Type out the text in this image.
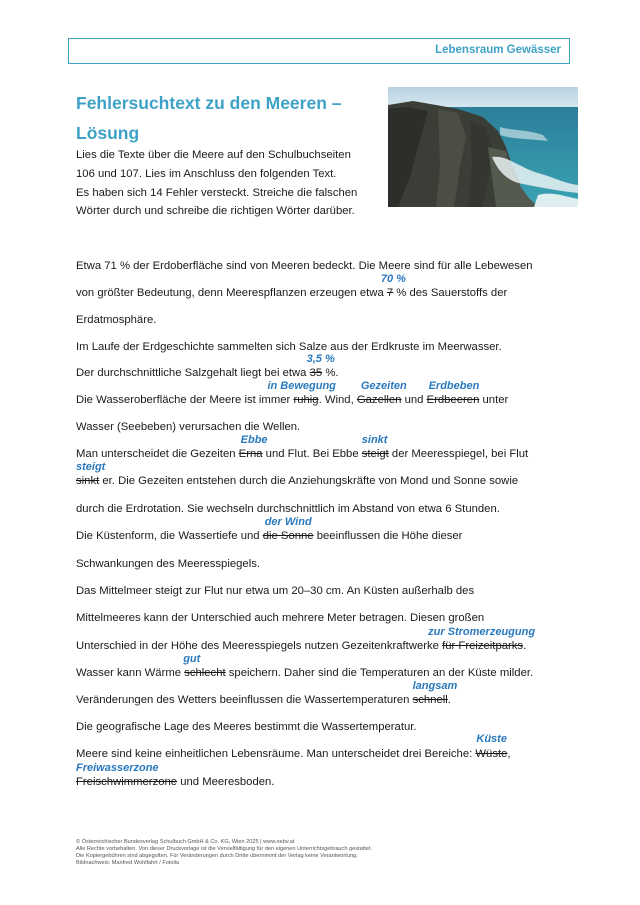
Lebensraum Gewässer
Fehlersuchtext zu den Meeren –
Lösung
Lies die Texte über die Meere auf den Schulbuchseiten
106 und 107. Lies im Anschluss den folgenden Text.
Es haben sich 14 Fehler versteckt. Streiche die falschen
Wörter durch und schreibe die richtigen Wörter darüber.
Etwa 71 % der Erdoberfläche sind von Meeren bedeckt. Die Meere sind für alle Lebewesen
von größter Bedeutung, denn Meerespflanzen erzeugen etwa
70 %
7 % des Sauerstoffs der
Erdatmosphäre.
Im Laufe der Erdgeschichte sammelten sich Salze aus der Erdkruste im Meerwasser.
Der durchschnittliche Salzgehalt liegt bei etwa
3,5 %
35 %.
Die Wasseroberfläche der Meere ist immer
in Bewegung
ruhig. Wind,
Gezeiten
Gazellen und
Erdbeben
Erdbeeren unter
Wasser (Seebeben) verursachen die Wellen.
Man unterscheidet die Gezeiten
Ebbe
Erna und Flut. Bei Ebbe
sinkt
steigt der Meeresspiegel, bei Flut
steigt
sinkt er. Die Gezeiten entstehen durch die Anziehungskräfte von Mond und Sonne sowie
durch die Erdrotation. Sie wechseln durchschnittlich im Abstand von etwa 6 Stunden.
Die Küstenform, die Wassertiefe und
der Wind
die Sonne beeinflussen die Höhe dieser
Schwankungen des Meeresspiegels.
Das Mittelmeer steigt zur Flut nur etwa um 20–30 cm. An Küsten außerhalb des
Mittelmeeres kann der Unterschied auch mehrere Meter betragen. Diesen großen
Unterschied in der Höhe des Meeresspiegels nutzen Gezeitenkraftwerke
zur Stromerzeugung
für Freizeitparks.
Wasser kann Wärme
gut
schlecht speichern. Daher sind die Temperaturen an der Küste milder.
Veränderungen des Wetters beeinflussen die Wassertemperaturen
langsam
schnell.
Die geografische Lage des Meeres bestimmt die Wassertemperatur.
Meere sind keine einheitlichen Lebensräume. Man unterscheidet drei Bereiche:
Küste
Wüste,
Freiwasserzone
Freischwimmerzone und Meeresboden.
© Österreichischer Bundesverlag Schulbuch GmbH & Co. KG, Wien 2025 | www.oebv.at
Alle Rechte vorbehalten. Von dieser Druckvorlage ist die Vervielfältigung für den eigenen Unterrichtsgebrauch gestattet.
Die Kopiergebühren sind abgegolten. Für Veränderungen durch Dritte übernimmt der Verlag keine Verantwortung.
Bildnachweis: Manfred Wohlfahrt / Fotolia
